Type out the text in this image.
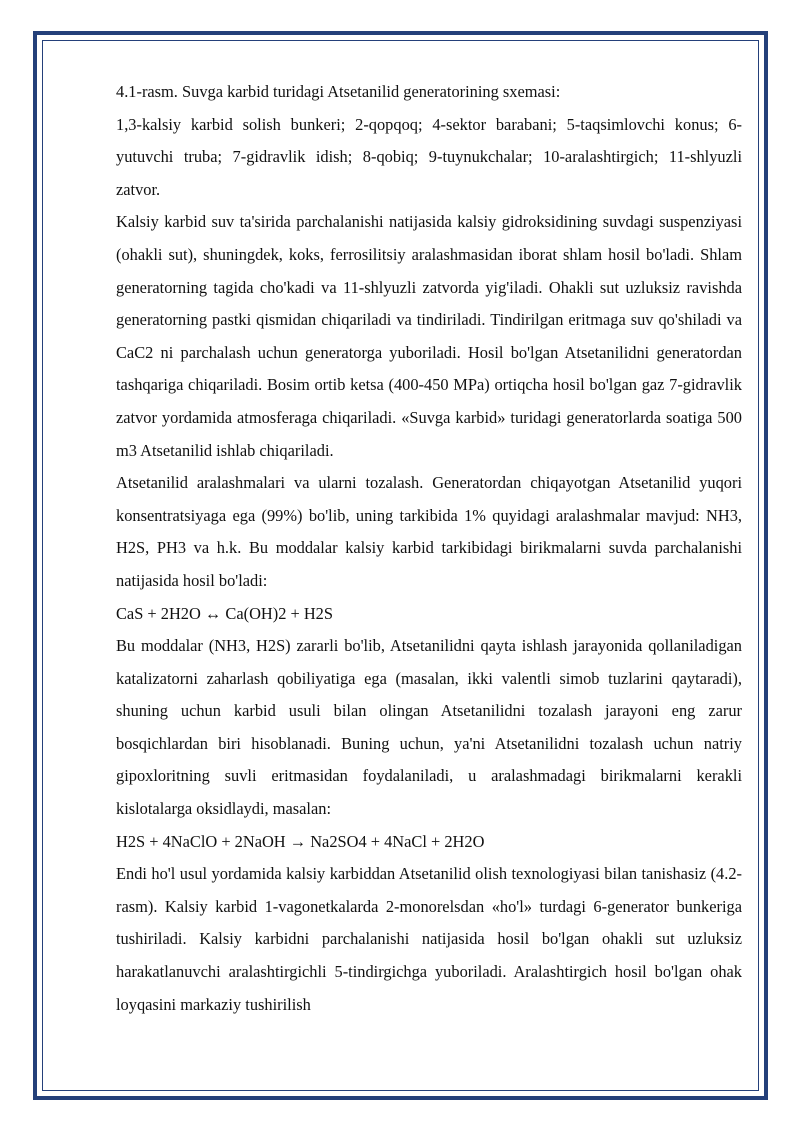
4.1-rasm. Suvga karbid turidagi Atsetanilid generatorining sxemasi:

1,3-kalsiy karbid solish bunkeri; 2-qopqoq; 4-sektor barabani; 5-taqsimlovchi konus; 6-yutuvchi truba; 7-gidravlik idish; 8-qobiq; 9-tuynukchalar; 10-aralashtirgich; 11-shlyuzli zatvor.

Kalsiy karbid suv ta'sirida parchalanishi natijasida kalsiy gidroksidining suvdagi suspenziyasi (ohakli sut), shuningdek, koks, ferrosilitsiy aralashmasidan iborat shlam hosil bo'ladi. Shlam generatorning tagida cho'kadi va 11-shlyuzli zatvorda yig'iladi. Ohakli sut uzluksiz ravishda generatorning pastki qismidan chiqariladi va tindiriladi. Tindirilgan eritmaga suv qo'shiladi va CaC2 ni parchalash uchun generatorga yuboriladi. Hosil bo'lgan Atsetanilidni generatordan tashqariga chiqariladi. Bosim ortib ketsa (400-450 MPa) ortiqcha hosil bo'lgan gaz 7-gidravlik zatvor yordamida atmosferaga chiqariladi. «Suvga karbid» turidagi generatorlarda soatiga 500 m3 Atsetanilid ishlab chiqariladi.

Atsetanilid aralashmalari va ularni tozalash. Generatordan chiqayotgan Atsetanilid yuqori konsentratsiyaga ega (99%) bo'lib, uning tarkibida 1% quyidagi aralashmalar mavjud: NH3, H2S, PH3 va h.k. Bu moddalar kalsiy karbid tarkibidagi birikmalarni suvda parchalanishi natijasida hosil bo'ladi:

CaS + 2H2O ↔ Ca(OH)2 + H2S

Bu moddalar (NH3, H2S) zararli bo'lib, Atsetanilidni qayta ishlash jarayonida qollaniladigan katalizatorni zaharlash qobiliyatiga ega (masalan, ikki valentli simob tuzlarini qaytaradi), shuning uchun karbid usuli bilan olingan Atsetanilidni tozalash jarayoni eng zarur bosqichlardan biri hisoblanadi. Buning uchun, ya'ni Atsetanilidni tozalash uchun natriy gipoxloritning suvli eritmasidan foydalaniladi, u aralashmadagi birikmalarni kerakli kislotalarga oksidlaydi, masalan:

H2S + 4NaClO + 2NaOH → Na2SO4 + 4NaCl + 2H2O

Endi ho'l usul yordamida kalsiy karbiddan Atsetanilid olish texnologiyasi bilan tanishasiz (4.2-rasm). Kalsiy karbid 1-vagonetkalarda 2-monorelsdan «ho'l» turdagi 6-generator bunkeriga tushiriladi. Kalsiy karbidni parchalanishi natijasida hosil bo'lgan ohakli sut uzluksiz harakatlanuvchi aralashtirgichli 5-tindirgichga yuboriladi. Aralashtirgich hosil bo'lgan ohak loyqasini markaziy tushirilish
